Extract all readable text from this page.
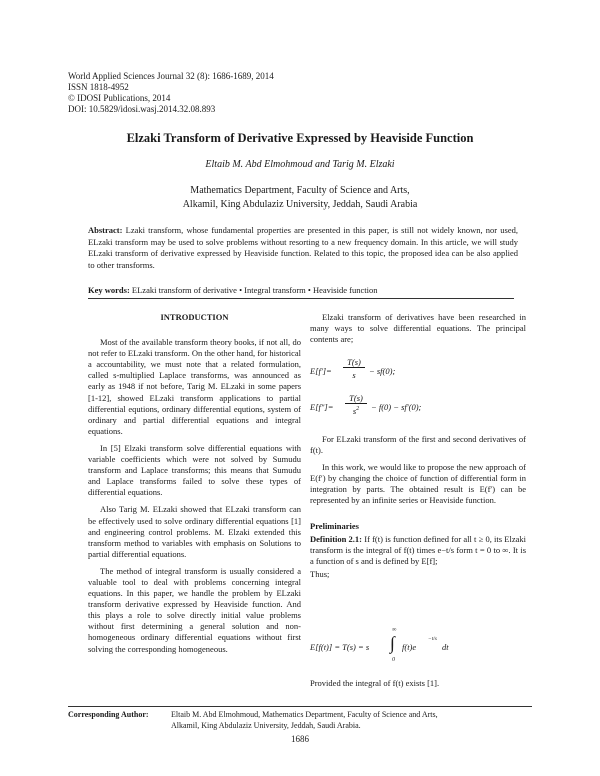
World Applied Sciences Journal 32 (8): 1686-1689, 2014
ISSN 1818-4952
© IDOSI Publications, 2014
DOI: 10.5829/idosi.wasj.2014.32.08.893
Elzaki Transform of Derivative Expressed by Heaviside Function
Eltaib M. Abd Elmohmoud and Tarig M. Elzaki
Mathematics Department, Faculty of Science and Arts,
Alkamil, King Abdulaziz University, Jeddah, Saudi Arabia
Abstract: Lzaki transform, whose fundamental properties are presented in this paper, is still not widely known, nor used, ELzaki transform may be used to solve problems without resorting to a new frequency domain. In this article, we will study ELzaki transform of derivative expressed by Heaviside function. Related to this topic, the proposed idea can be also applied to other transforms.
Key words: ELzaki transform of derivative • Integral transform • Heaviside function
INTRODUCTION

Most of the available transform theory books, if not all, do not refer to ELzaki transform. On the other hand, for historical a accountability, we must note that a related formulation, called s-multiplied Laplace transforms, was announced as early as 1948 if not before, Tarig M. ELzaki in some papers [1-12], showed ELzaki transform applications to partial differential equtions, ordinary differential equtions, system of ordinary and partial differential equations and integral equations.

In [5] Elzaki transform solve differential equations with variable coefficients which were not solved by Sumudu transform and Laplace transforms; this means that Sumudu and Laplace transforms failed to solve these types of differential equations.

Also Tarig M. ELzaki showed that ELzaki transform can be effectively used to solve ordinary differential equations [1] and engineering control problems. M. Elzaki extended this transform method to variables with emphasis on Solutions to partial differential equations.

The method of integral transform is usually considered a valuable tool to deal with problems concerning integral equations. In this paper, we handle the problem by ELzaki transform derivative expressed by Heaviside function. And this plays a role to solve directly initial value problems without first determining a general solution and non-homogeneous ordinary differential equations without first solving the corresponding homogeneous.

Elzaki transform of derivatives have been researched in many ways to solve differential equations. The principal contents are;

E[f′]=
T(s)
s	− sf(0);
E[f″]=
T(s)
$s^2$	− f(0) − sf′(0);

For ELzaki transform of the first and second derivatives of f(t).

In this work, we would like to propose the new approach of E(f′) by changing the choice of function of differential form in integration by parts. The obtained result is E(f′) can be represented by an infinite series or Heaviside function.

Preliminaries
Definition 2.1: If f(t) is function defined for all t ≥ 0, its Elzaki transform is the integral of f(t) times e−t/s form t = 0 to ∞. It is a function of s and is defined by E[f];
Thus;
E[f(t)] = T(s) = s
∞
∫
0
f(t)e
−t/s
dt
Provided the integral of f(t) exists [1].
Corresponding Author:	Eltaib M. Abd Elmohmoud, Mathematics Department, Faculty of Science and Arts,
Alkamil, King Abdulaziz University, Jeddah, Saudi Arabia.
1686
